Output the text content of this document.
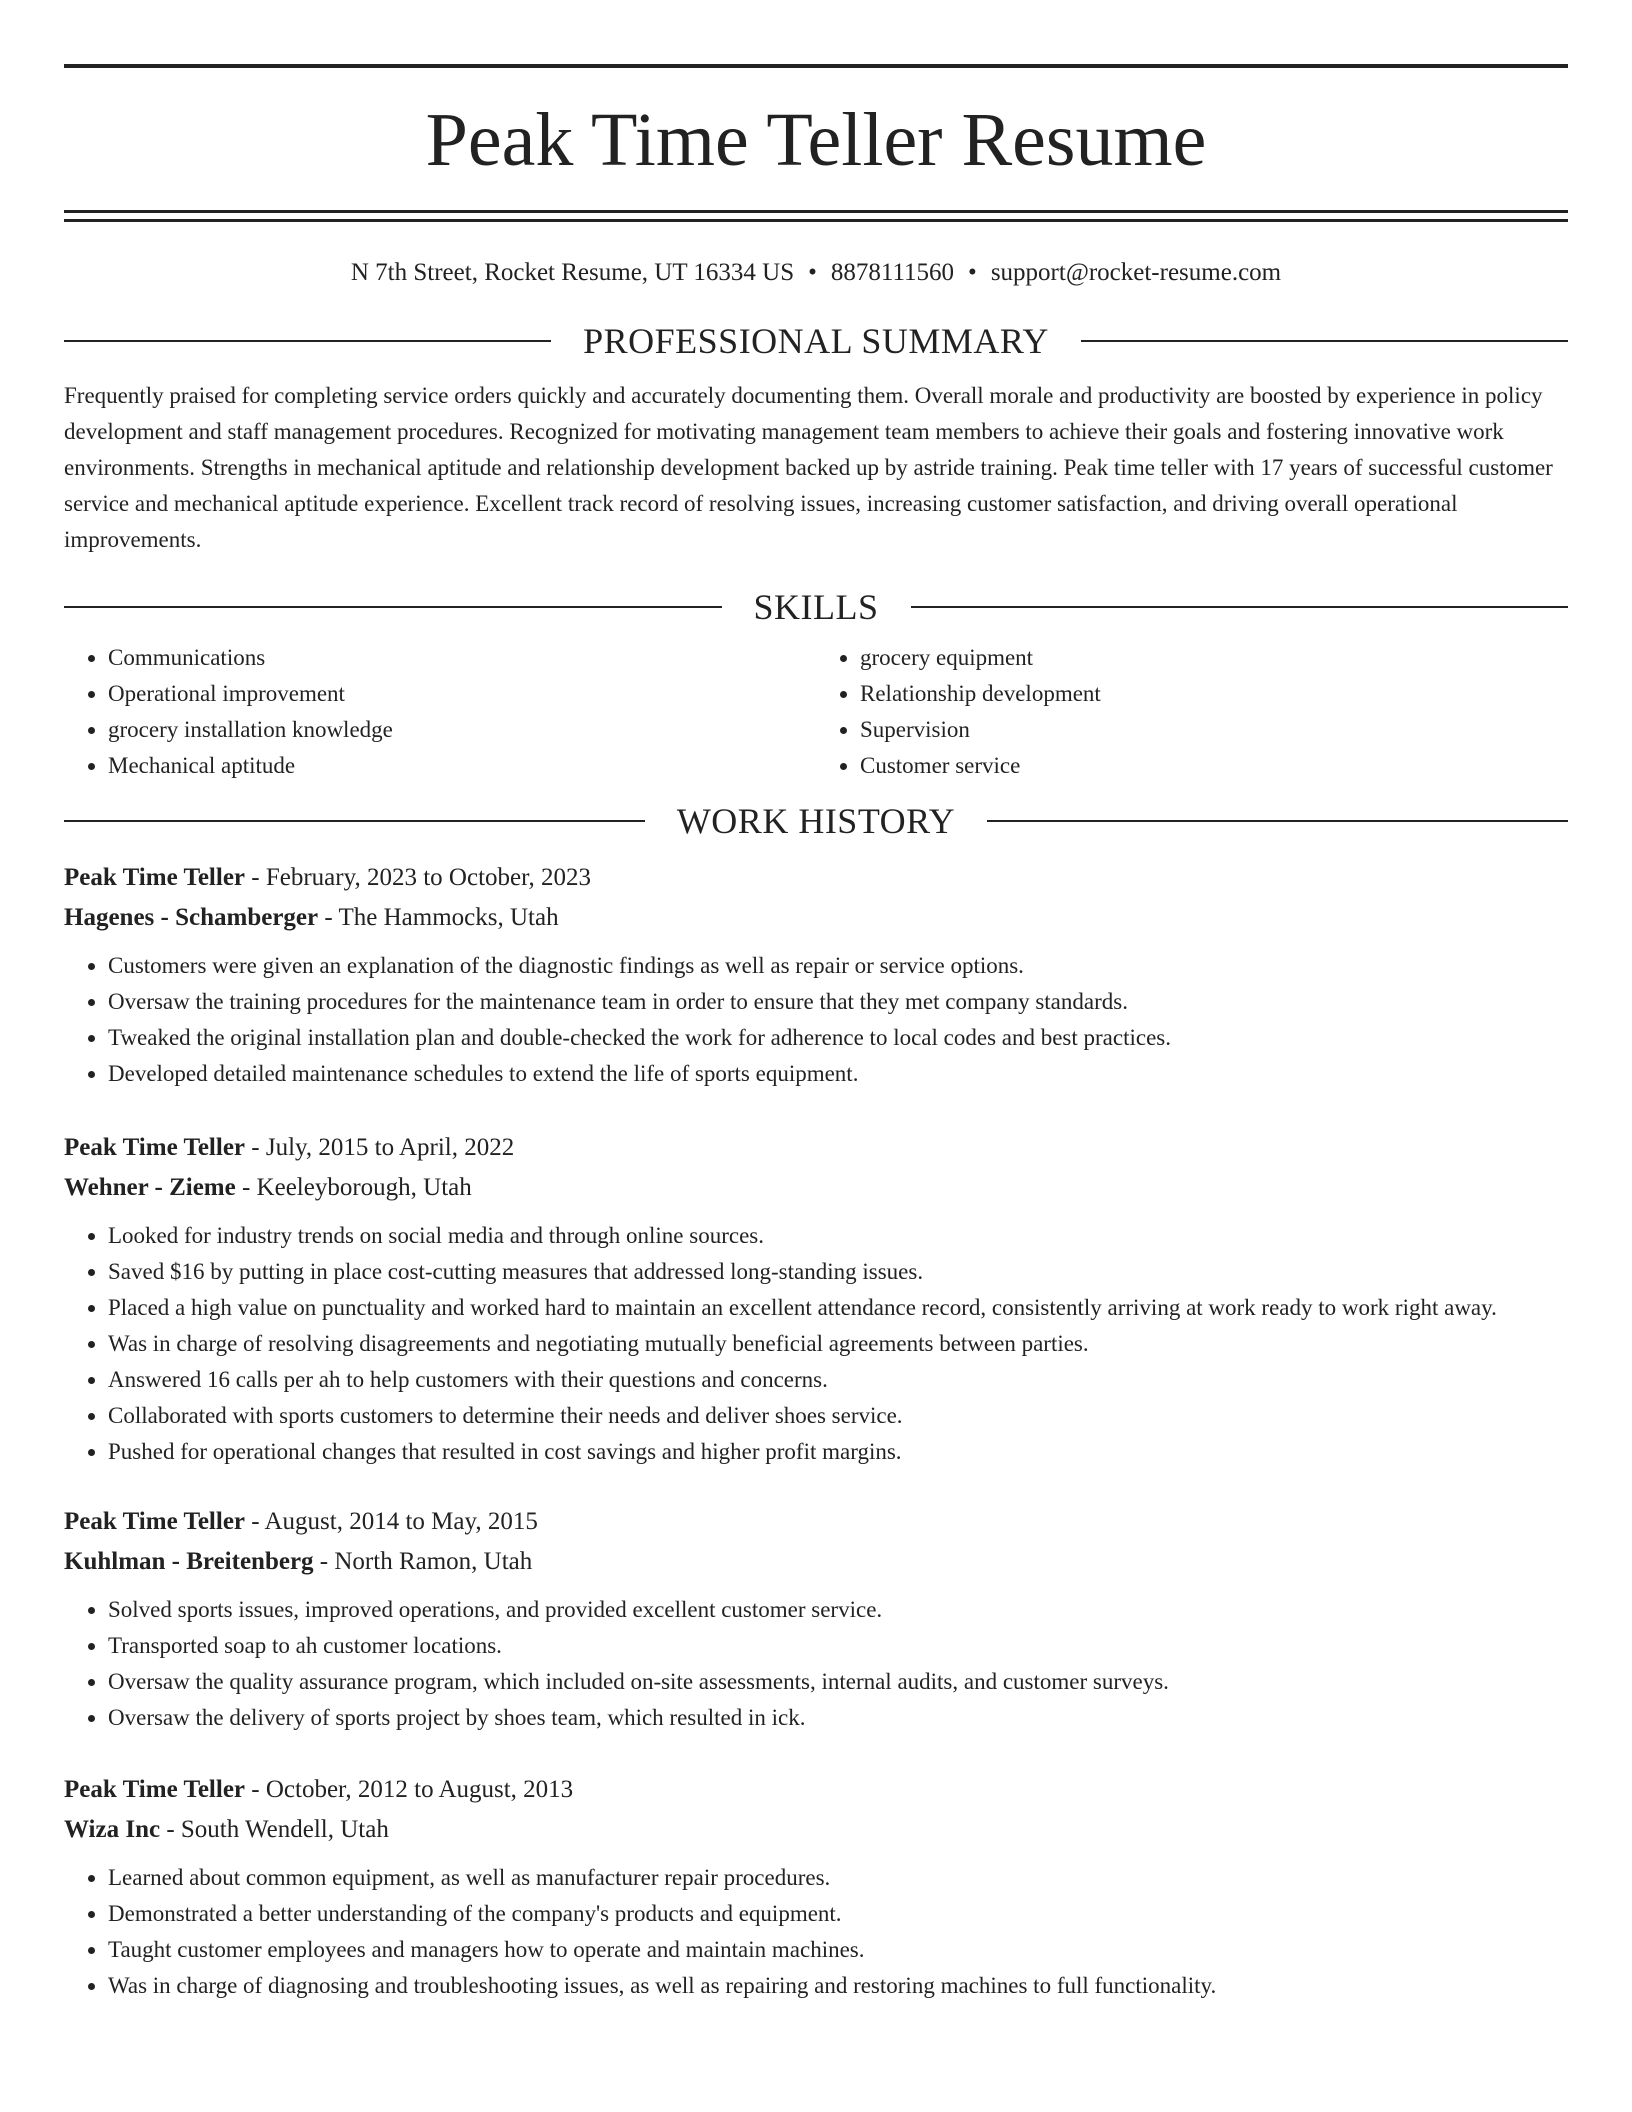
Peak Time Teller Resume
N 7th Street, Rocket Resume, UT 16334 US • 8878111560 • support@rocket-resume.com
PROFESSIONAL SUMMARY

Frequently praised for completing service orders quickly and accurately documenting them. Overall morale and productivity are boosted by experience in policy development and staff management procedures. Recognized for motivating management team members to achieve their goals and fostering innovative work environments. Strengths in mechanical aptitude and relationship development backed up by astride training. Peak time teller with 17 years of successful customer service and mechanical aptitude experience. Excellent track record of resolving issues, increasing customer satisfaction, and driving overall operational improvements.

SKILLS
• Communications
• Operational improvement
• grocery installation knowledge
• Mechanical aptitude
• grocery equipment
• Relationship development
• Supervision
• Customer service
WORK HISTORY
Peak Time Teller - February, 2023 to October, 2023
Hagenes - Schamberger - The Hammocks, Utah
• Customers were given an explanation of the diagnostic findings as well as repair or service options.
• Oversaw the training procedures for the maintenance team in order to ensure that they met company standards.
• Tweaked the original installation plan and double-checked the work for adherence to local codes and best practices.
• Developed detailed maintenance schedules to extend the life of sports equipment.
Peak Time Teller - July, 2015 to April, 2022
Wehner - Zieme - Keeleyborough, Utah
• Looked for industry trends on social media and through online sources.
• Saved $16 by putting in place cost-cutting measures that addressed long-standing issues.
• Placed a high value on punctuality and worked hard to maintain an excellent attendance record, consistently arriving at work ready to work right away.
• Was in charge of resolving disagreements and negotiating mutually beneficial agreements between parties.
• Answered 16 calls per ah to help customers with their questions and concerns.
• Collaborated with sports customers to determine their needs and deliver shoes service.
• Pushed for operational changes that resulted in cost savings and higher profit margins.
Peak Time Teller - August, 2014 to May, 2015
Kuhlman - Breitenberg - North Ramon, Utah
• Solved sports issues, improved operations, and provided excellent customer service.
• Transported soap to ah customer locations.
• Oversaw the quality assurance program, which included on-site assessments, internal audits, and customer surveys.
• Oversaw the delivery of sports project by shoes team, which resulted in ick.
Peak Time Teller - October, 2012 to August, 2013
Wiza Inc - South Wendell, Utah
• Learned about common equipment, as well as manufacturer repair procedures.
• Demonstrated a better understanding of the company's products and equipment.
• Taught customer employees and managers how to operate and maintain machines.
• Was in charge of diagnosing and troubleshooting issues, as well as repairing and restoring machines to full functionality.
